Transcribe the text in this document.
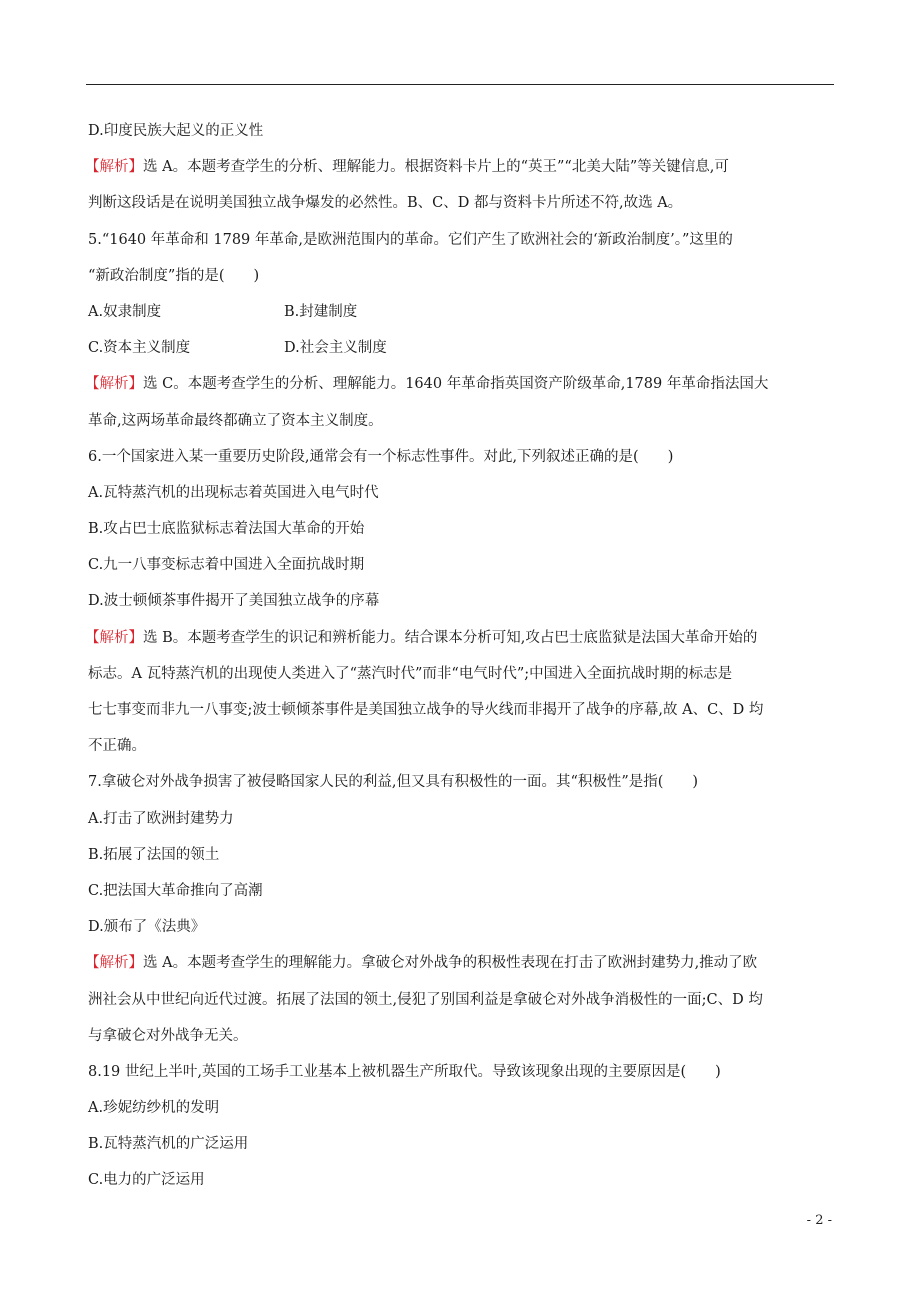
D.印度民族大起义的正义性
【解析】选 A。本题考查学生的分析、理解能力。根据资料卡片上的“英王”“北美大陆”等关键信息,可
判断这段话是在说明美国独立战争爆发的必然性。B、C、D 都与资料卡片所述不符,故选 A。
5.“1640 年革命和 1789 年革命,是欧洲范围内的革命。它们产生了欧洲社会的‘新政治制度’。”这里的
“新政治制度”指的是(　　)
A.奴隶制度	B.封建制度
C.资本主义制度	D.社会主义制度
【解析】选 C。本题考查学生的分析、理解能力。1640 年革命指英国资产阶级革命,1789 年革命指法国大
革命,这两场革命最终都确立了资本主义制度。
6.一个国家进入某一重要历史阶段,通常会有一个标志性事件。对此,下列叙述正确的是(　　)
A.瓦特蒸汽机的出现标志着英国进入电气时代
B.攻占巴士底监狱标志着法国大革命的开始
C.九一八事变标志着中国进入全面抗战时期
D.波士顿倾茶事件揭开了美国独立战争的序幕
【解析】选 B。本题考查学生的识记和辨析能力。结合课本分析可知,攻占巴士底监狱是法国大革命开始的
标志。A 瓦特蒸汽机的出现使人类进入了“蒸汽时代”而非“电气时代”;中国进入全面抗战时期的标志是
七七事变而非九一八事变;波士顿倾茶事件是美国独立战争的导火线而非揭开了战争的序幕,故 A、C、D 均
不正确。
7.拿破仑对外战争损害了被侵略国家人民的利益,但又具有积极性的一面。其“积极性”是指(　　)
A.打击了欧洲封建势力
B.拓展了法国的领土
C.把法国大革命推向了高潮
D.颁布了《法典》
【解析】选 A。本题考查学生的理解能力。拿破仑对外战争的积极性表现在打击了欧洲封建势力,推动了欧
洲社会从中世纪向近代过渡。拓展了法国的领土,侵犯了别国利益是拿破仑对外战争消极性的一面;C、D 均
与拿破仑对外战争无关。
8.19 世纪上半叶,英国的工场手工业基本上被机器生产所取代。导致该现象出现的主要原因是(　　)
A.珍妮纺纱机的发明
B.瓦特蒸汽机的广泛运用
C.电力的广泛运用
- 2 -
